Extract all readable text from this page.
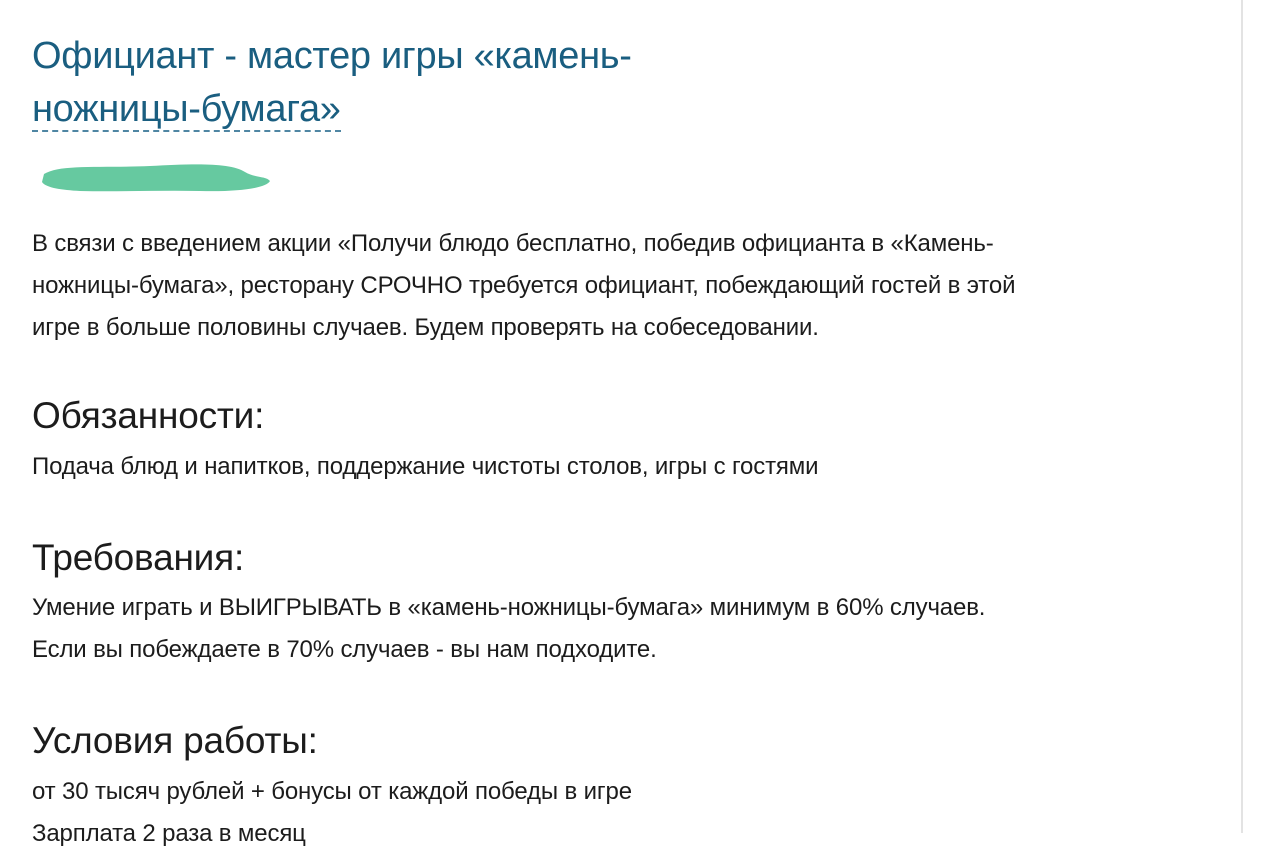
Официант - мастер игры «камень-
ножницы-бумага»

В связи с введением акции «Получи блюдо бесплатно, победив официанта в «Камень-
ножницы-бумага», ресторану СРОЧНО требуется официант, побеждающий гостей в этой
игре в больше половины случаев. Будем проверять на собеседовании.

Обязанности:

Подача блюд и напитков, поддержание чистоты столов, игры с гостями

Требования:

Умение играть и ВЫИГРЫВАТЬ в «камень-ножницы-бумага» минимум в 60% случаев.
Если вы побеждаете в 70% случаев - вы нам подходите.

Условия работы:

от 30 тысяч рублей + бонусы от каждой победы в игре
Зарплата 2 раза в месяц
